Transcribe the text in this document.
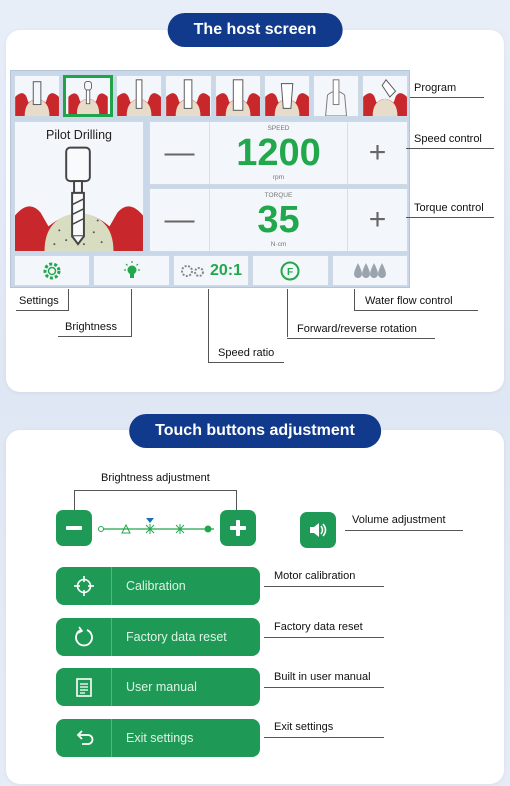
The host screen
Pilot Drilling
—
SPEED
1200
rpm
+
—
TORQUE
35
N·cm
+
20:1	F
Program
Speed control
Torque control
Settings
Brightness
Speed ratio
Forward/reverse rotation
Water flow control
Touch buttons adjustment
Brightness adjustment
Volume adjustment
Calibration
Motor calibration
Factory data reset
Factory data reset
User manual
Built in user manual
Exit settings
Exit settings
